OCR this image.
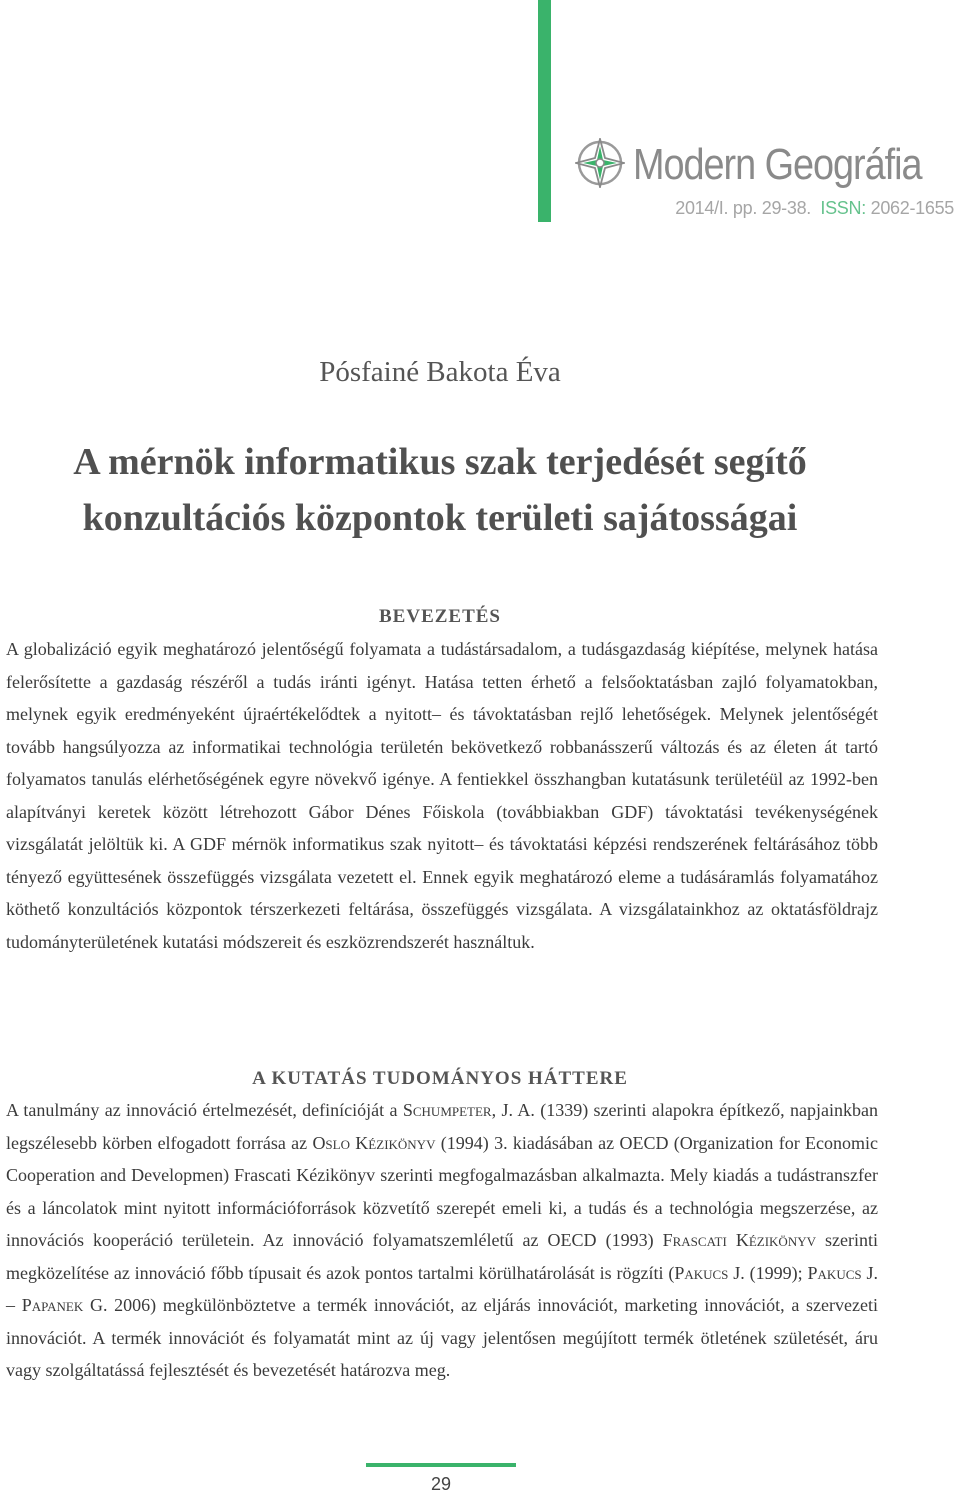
Modern Geográfia
2014/I. pp. 29-38. ISSN: 2062-1655
Pósfainé Bakota Éva
A mérnök informatikus szak terjedését segítő
konzultációs központok területi sajátosságai
BEVEZETÉS

A globalizáció egyik meghatározó jelentőségű folyamata a tudástársadalom, a tudásgazdaság kiépítése, melynek hatása felerősítette a gazdaság részéről a tudás iránti igényt. Hatása tetten érhető a felsőoktatásban zajló folyamatokban, melynek egyik eredményeként újraértékelődtek a nyitott– és távoktatásban rejlő lehetőségek. Melynek jelentőségét tovább hangsúlyozza az informatikai technológia területén bekövetkező robbanásszerű változás és az életen át tartó folyamatos tanulás elérhetőségének egyre növekvő igénye. A fentiekkel összhangban kutatásunk területéül az 1992-ben alapítványi keretek között létrehozott Gábor Dénes Főiskola (továbbiakban GDF) távoktatási tevékenységének vizsgálatát jelöltük ki. A GDF mérnök informatikus szak nyitott– és távoktatási képzési rendszerének feltárásához több tényező együttesének összefüggés vizsgálata vezetett el. Ennek egyik meghatározó eleme a tudásáramlás folyamatához köthető konzultációs központok térszerkezeti feltárása, összefüggés vizsgálata. A vizsgálatainkhoz az oktatásföldrajz tudományterületének kutatási módszereit és eszközrendszerét használtuk.

A KUTATÁS TUDOMÁNYOS HÁTTERE

A tanulmány az innováció értelmezését, definícióját a Schumpeter, J. A. (1339) szerinti alapokra építkező, napjainkban legszélesebb körben elfogadott forrása az Oslo Kézikönyv (1994) 3. kiadásában az OECD (Organization for Economic Cooperation and Developmen) Frascati Kézikönyv szerinti megfogalmazásban alkalmazta. Mely kiadás a tudástranszfer és a láncolatok mint nyitott információforrások közvetítő szerepét emeli ki, a tudás és a technológia megszerzése, az innovációs kooperáció területein. Az innováció folyamatszemléletű az OECD (1993) Frascati Kézikönyv szerinti megközelítése az innováció főbb típusait és azok pontos tartalmi körülhatárolását is rögzíti (Pakucs J. (1999); Pakucs J. – Papanek G. 2006) megkülönböztetve a termék innovációt, az eljárás innovációt, marketing innovációt, a szervezeti innovációt. A termék innovációt és folyamatát mint az új vagy jelentősen megújított termék ötletének születését, áru vagy szolgáltatássá fejlesztését és bevezetését határozva meg.

29
